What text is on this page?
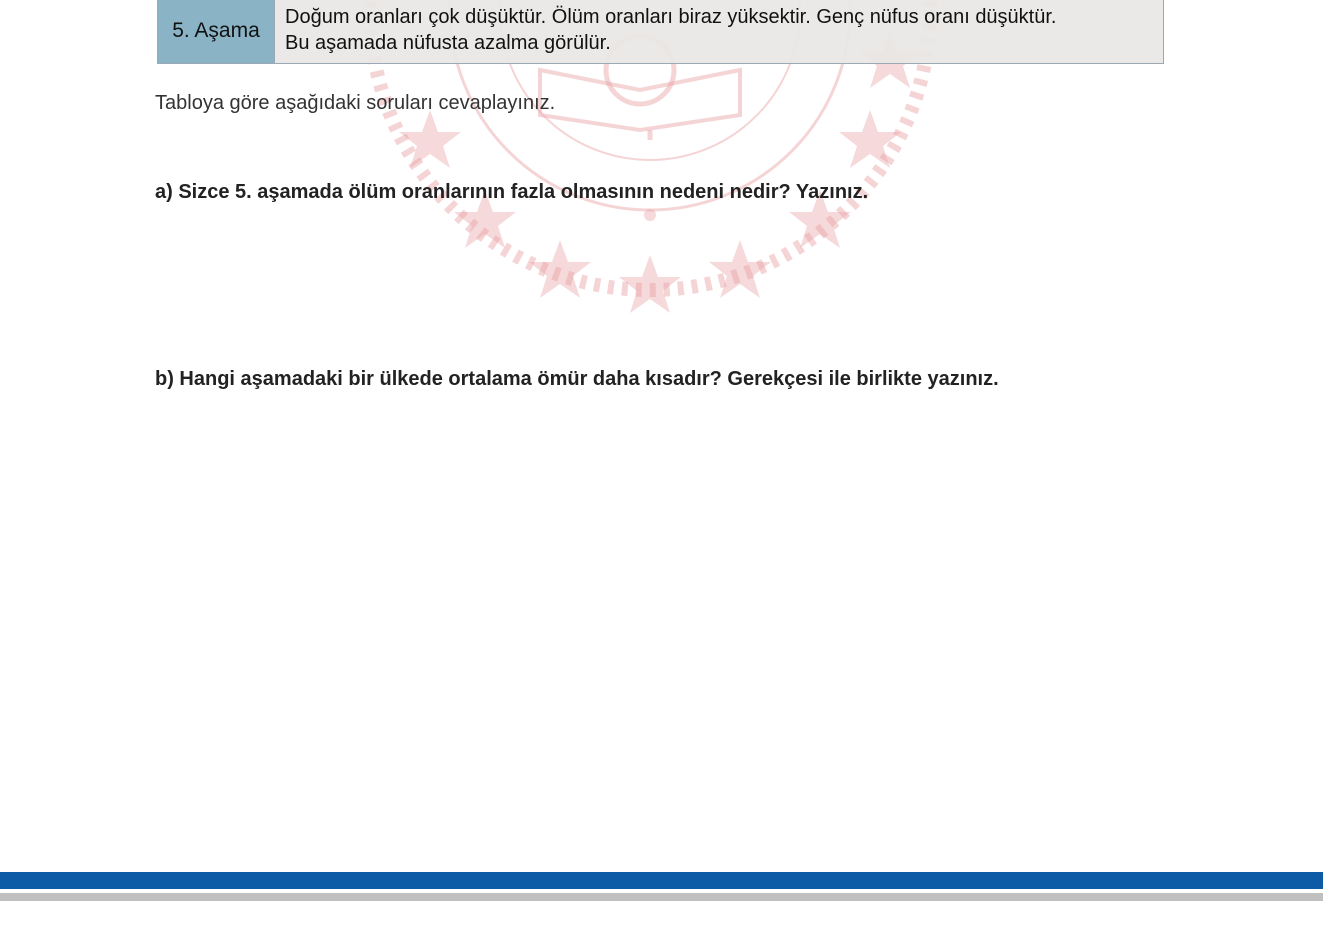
5. Aşama
Doğum oranları çok düşüktür. Ölüm oranları biraz yüksektir. Genç nüfus oranı düşüktür.
Bu aşamada nüfusta azalma görülür.
Tabloya göre aşağıdaki soruları cevaplayınız.
a) Sizce 5. aşamada ölüm oranlarının fazla olmasının nedeni nedir? Yazınız.
b) Hangi aşamadaki bir ülkede ortalama ömür daha kısadır? Gerekçesi ile birlikte yazınız.
